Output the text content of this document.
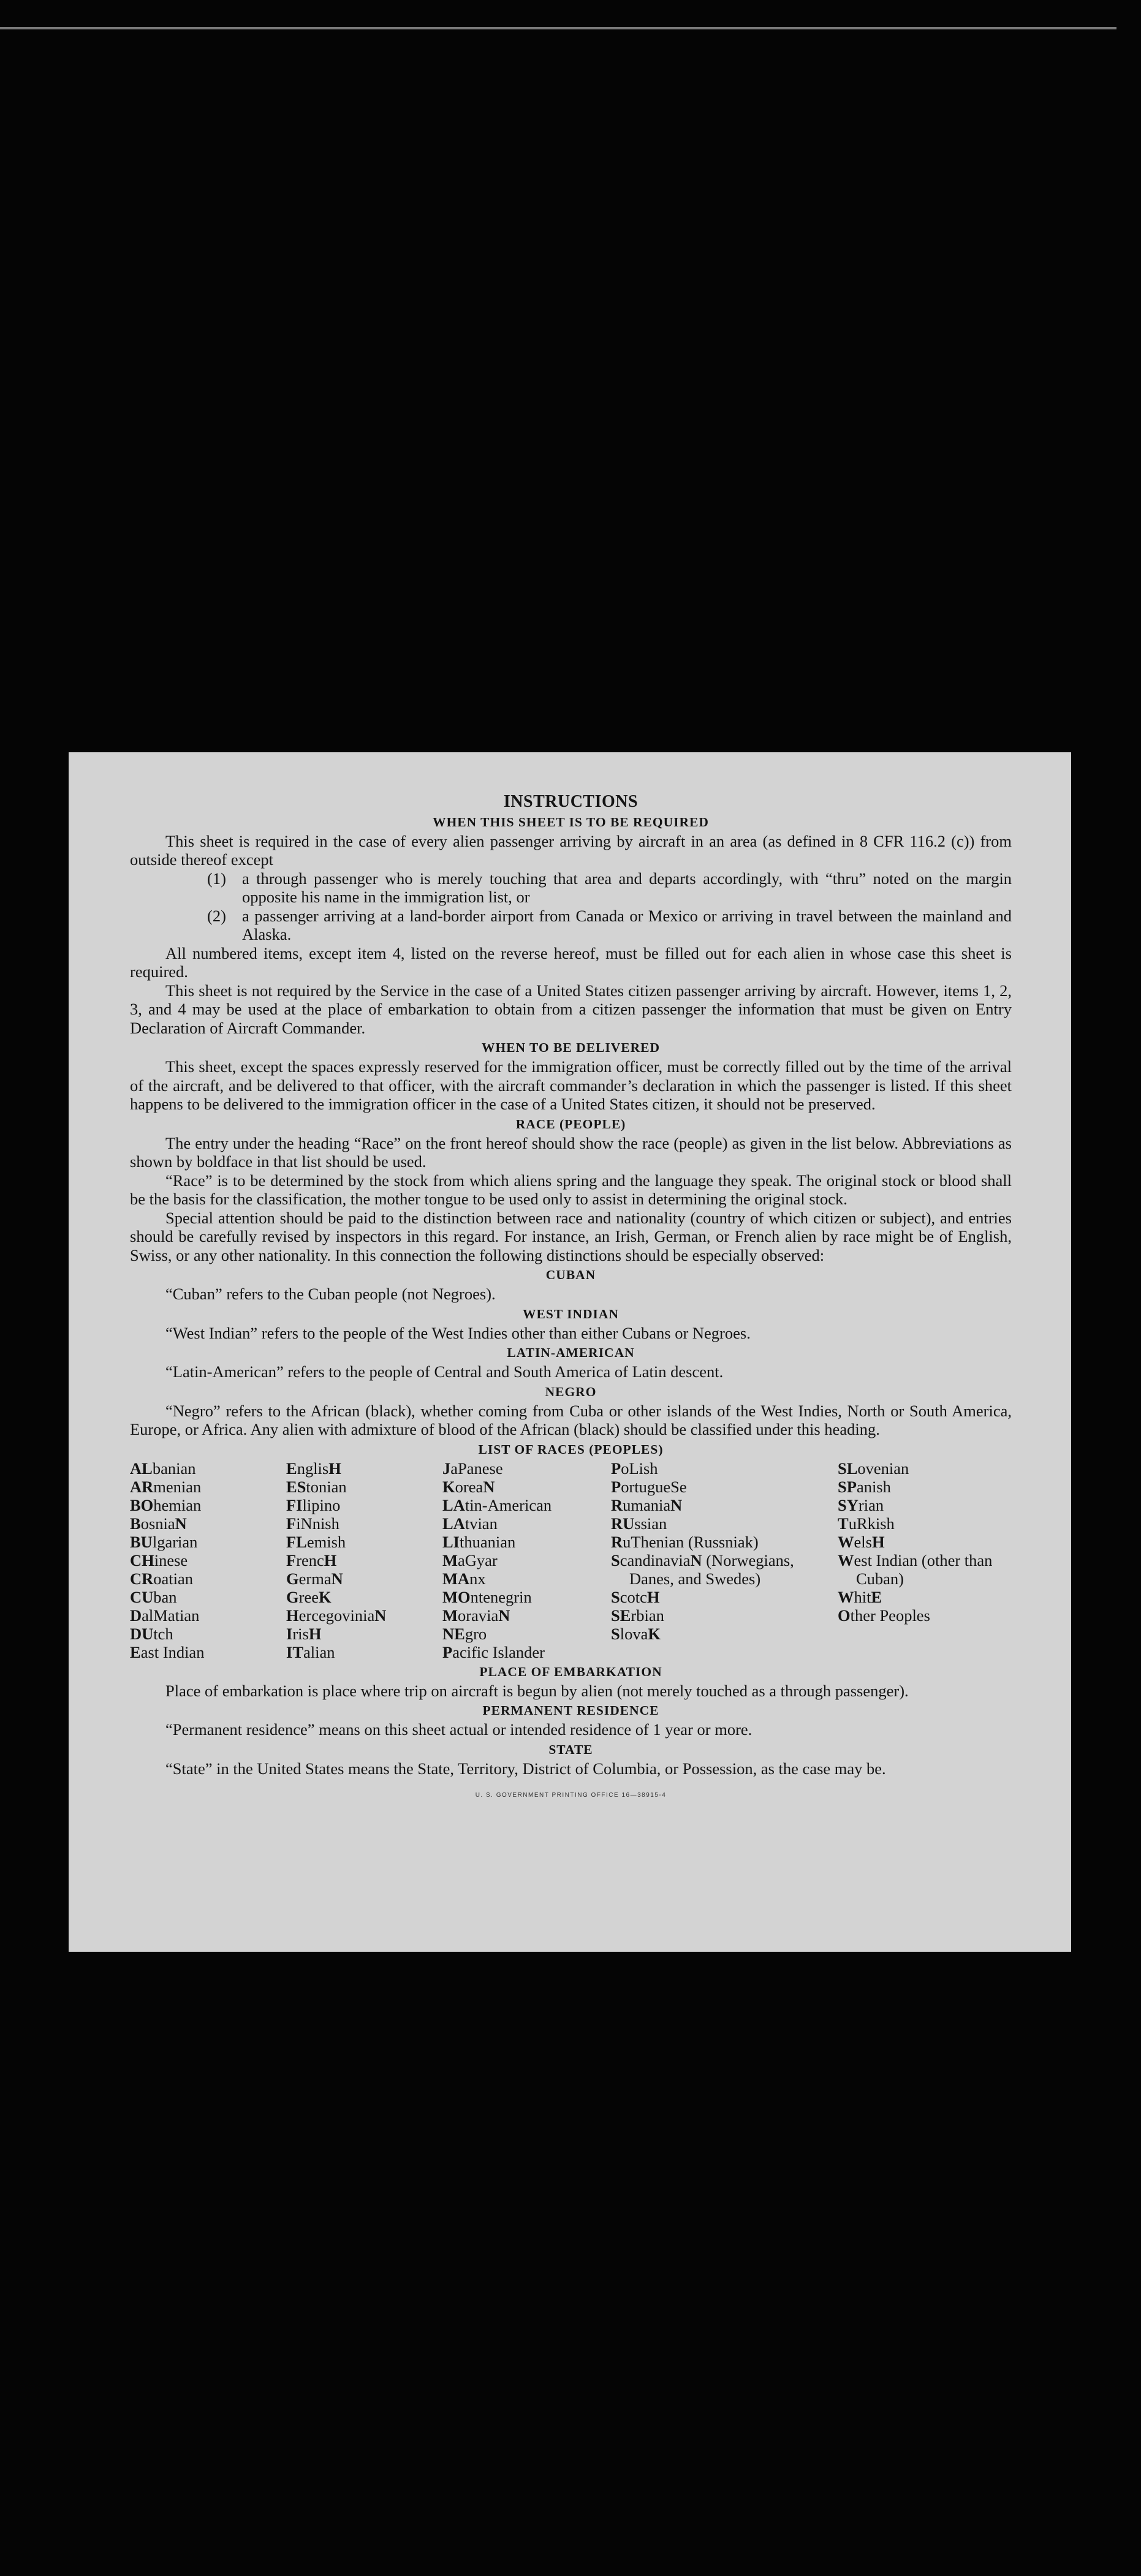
INSTRUCTIONS
WHEN THIS SHEET IS TO BE REQUIRED

This sheet is required in the case of every alien passenger arriving by aircraft in an area (as defined in 8 CFR 116.2 (c)) from outside thereof except

(1) a through passenger who is merely touching that area and departs accordingly, with “thru” noted on the margin opposite his name in the immigration list, or
(2) a passenger arriving at a land-border airport from Canada or Mexico or arriving in travel between the mainland and Alaska.

All numbered items, except item 4, listed on the reverse hereof, must be filled out for each alien in whose case this sheet is required.

This sheet is not required by the Service in the case of a United States citizen passenger arriving by aircraft. However, items 1, 2, 3, and 4 may be used at the place of embarkation to obtain from a citizen passenger the information that must be given on Entry Declaration of Aircraft Commander.

WHEN TO BE DELIVERED

This sheet, except the spaces expressly reserved for the immigration officer, must be correctly filled out by the time of the arrival of the aircraft, and be delivered to that officer, with the aircraft commander’s declaration in which the passenger is listed. If this sheet happens to be delivered to the immigration officer in the case of a United States citizen, it should not be preserved.

RACE (PEOPLE)

The entry under the heading “Race” on the front hereof should show the race (people) as given in the list below. Abbreviations as shown by boldface in that list should be used.

“Race” is to be determined by the stock from which aliens spring and the language they speak. The original stock or blood shall be the basis for the classification, the mother tongue to be used only to assist in determining the original stock.

Special attention should be paid to the distinction between race and nationality (country of which citizen or subject), and entries should be carefully revised by inspectors in this regard. For instance, an Irish, German, or French alien by race might be of English, Swiss, or any other nationality. In this connection the following distinctions should be especially observed:

CUBAN

“Cuban” refers to the Cuban people (not Negroes).

WEST INDIAN

“West Indian” refers to the people of the West Indies other than either Cubans or Negroes.

LATIN-AMERICAN

“Latin-American” refers to the people of Central and South America of Latin descent.

NEGRO

“Negro” refers to the African (black), whether coming from Cuba or other islands of the West Indies, North or South America, Europe, or Africa. Any alien with admixture of blood of the African (black) should be classified under this heading.

LIST OF RACES (PEOPLES)
ALbanian
ARmenian
BOhemian
BosniaN
BUlgarian
CHinese
CRoatian
CUban
DalMatian
DUtch
East Indian
EnglisH
EStonian
FIlipino
FiNnish
FLemish
FrencH
GermaN
GreeK
HercegoviniaN
IrisH
ITalian
JaPanese
KoreaN
LAtin-American
LAtvian
LIthuanian
MaGyar
MAnx
MOntenegrin
MoraviaN
NEgro
Pacific Islander
PoLish
PortugueSe
RumaniaN
RUssian
RuThenian (Russniak)
ScandinaviaN (Norwegians, Danes, and Swedes)
ScotcH
SErbian
SlovaK
SLovenian
SPanish
SYrian
TuRkish
WelsH
West Indian (other than Cuban)
WhitE
Other Peoples
PLACE OF EMBARKATION

Place of embarkation is place where trip on aircraft is begun by alien (not merely touched as a through passenger).

PERMANENT RESIDENCE

“Permanent residence” means on this sheet actual or intended residence of 1 year or more.

STATE

“State” in the United States means the State, Territory, District of Columbia, or Possession, as the case may be.

U. S. GOVERNMENT PRINTING OFFICE 16—38915-4
